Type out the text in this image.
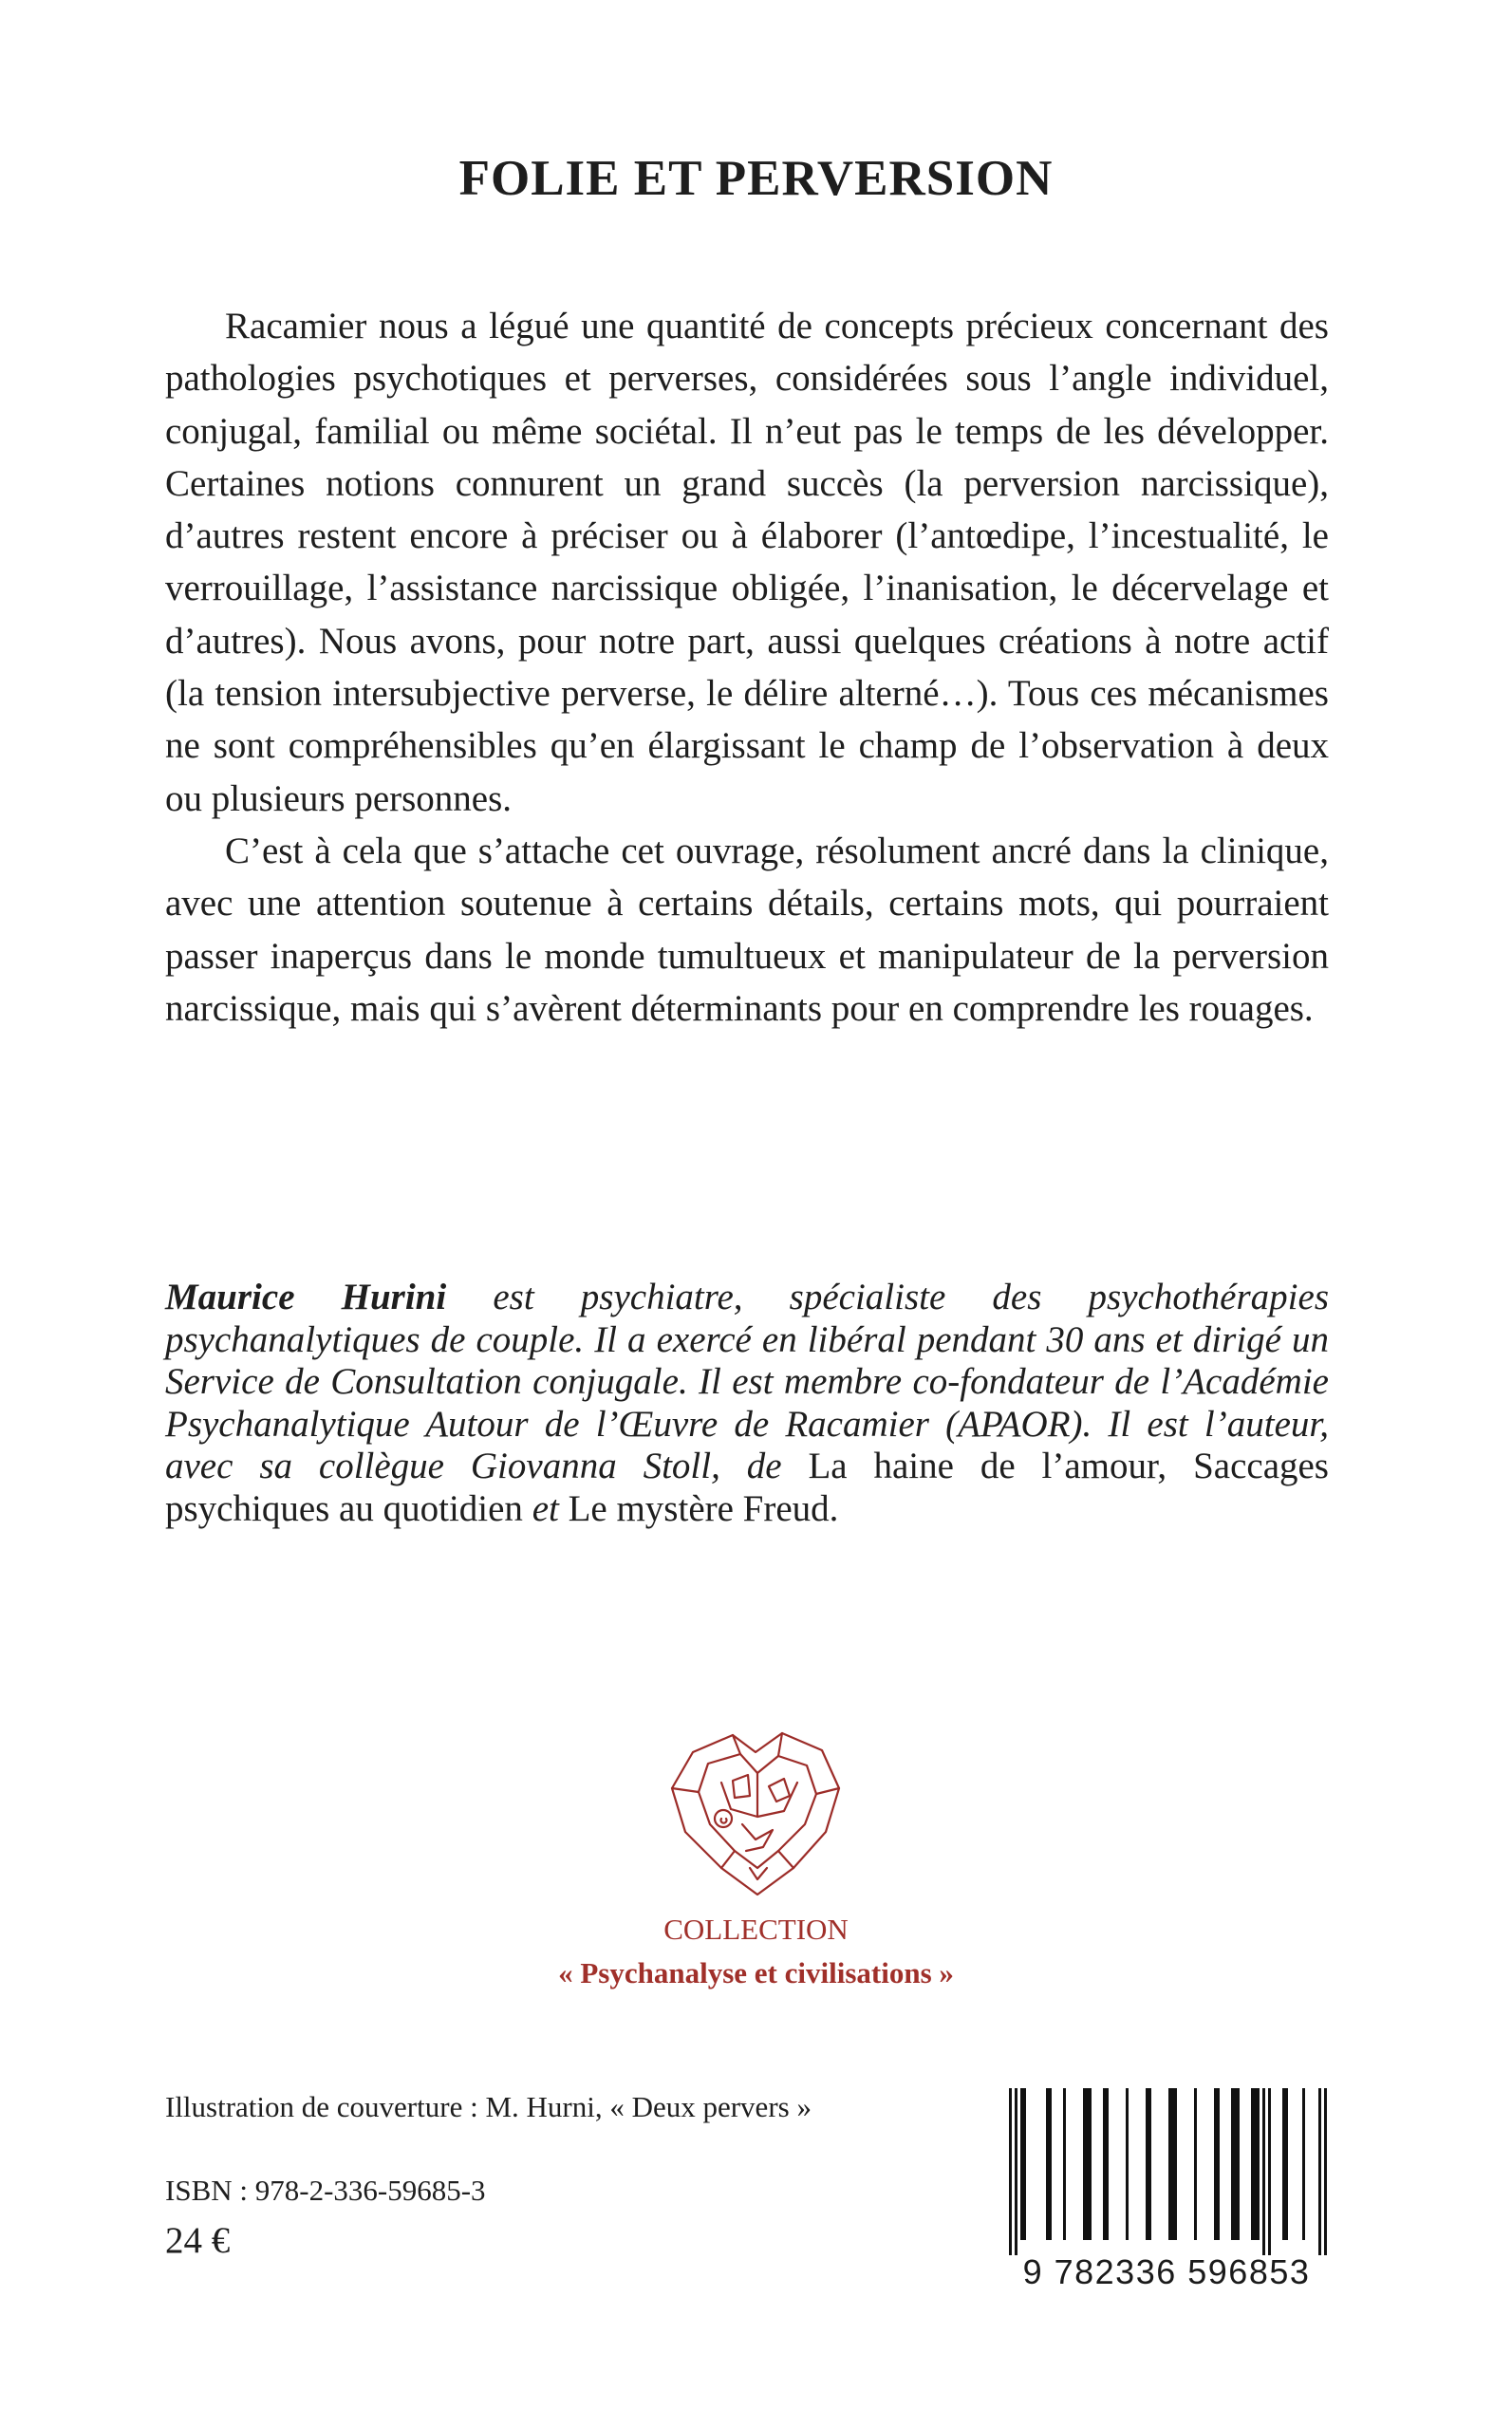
FOLIE ET PERVERSION

Racamier nous a légué une quantité de concepts précieux concernant des pathologies psychotiques et perverses, considérées sous l’angle individuel, conjugal, familial ou même sociétal. Il n’eut pas le temps de les développer. Certaines notions connurent un grand succès (la perversion narcissique), d’autres restent encore à préciser ou à élaborer (l’antœdipe, l’incestualité, le verrouillage, l’assistance narcissique obligée, l’inanisation, le décervelage et d’autres). Nous avons, pour notre part, aussi quelques créations à notre actif (la tension intersubjective perverse, le délire alterné…). Tous ces mécanismes ne sont compréhensibles qu’en élargissant le champ de l’observation à deux ou plusieurs personnes.

C’est à cela que s’attache cet ouvrage, résolument ancré dans la clinique, avec une attention soutenue à certains détails, certains mots, qui pourraient passer inaperçus dans le monde tumultueux et manipulateur de la perversion narcissique, mais qui s’avèrent déterminants pour en comprendre les rouages.

Maurice Hurini est psychiatre, spécialiste des psychothérapies psychanalytiques de couple. Il a exercé en libéral pendant 30 ans et dirigé un Service de Consultation conjugale. Il est membre co-fondateur de l’Académie Psychanalytique Autour de l’Œuvre de Racamier (APAOR). Il est l’auteur, avec sa collègue Giovanna Stoll, de La haine de l’amour, Saccages psychiques au quotidien et Le mystère Freud.

COLLECTION
« Psychanalyse et civilisations »
Illustration de couverture : M. Hurni, « Deux pervers »
ISBN : 978-2-336-59685-3
24 €
9 782336 596853
